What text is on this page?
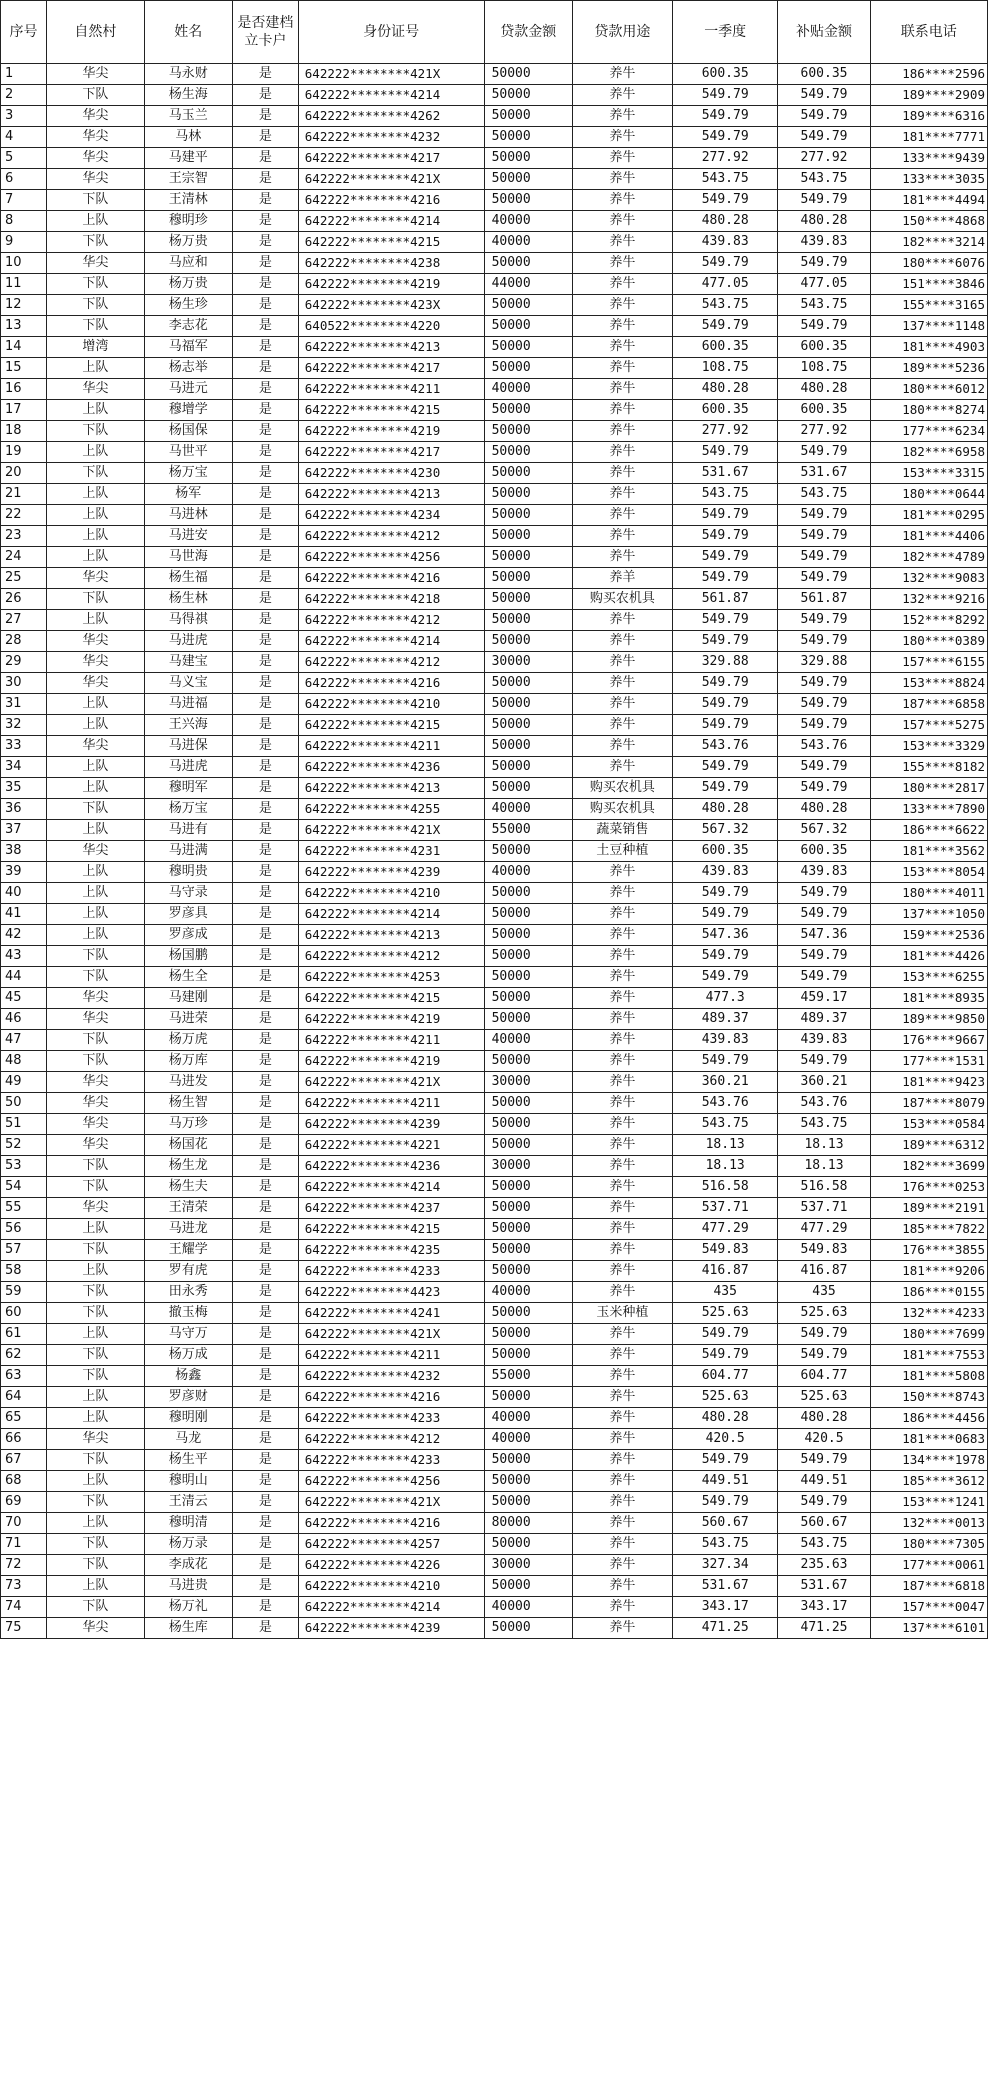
序号	自然村	姓名	是否建档立卡户	身份证号	贷款金额	贷款用途	一季度	补贴金额	联系电话
1	华尖	马永财	是	642222********421X	50000	养牛	600.35	600.35	186****2596
2	下队	杨生海	是	642222********4214	50000	养牛	549.79	549.79	189****2909
3	华尖	马玉兰	是	642222********4262	50000	养牛	549.79	549.79	189****6316
4	华尖	马林	是	642222********4232	50000	养牛	549.79	549.79	181****7771
5	华尖	马建平	是	642222********4217	50000	养牛	277.92	277.92	133****9439
6	华尖	王宗智	是	642222********421X	50000	养牛	543.75	543.75	133****3035
7	下队	王清林	是	642222********4216	50000	养牛	549.79	549.79	181****4494
8	上队	穆明珍	是	642222********4214	40000	养牛	480.28	480.28	150****4868
9	下队	杨万贵	是	642222********4215	40000	养牛	439.83	439.83	182****3214
10	华尖	马应和	是	642222********4238	50000	养牛	549.79	549.79	180****6076
11	下队	杨万贵	是	642222********4219	44000	养牛	477.05	477.05	151****3846
12	下队	杨生珍	是	642222********423X	50000	养牛	543.75	543.75	155****3165
13	下队	李志花	是	640522********4220	50000	养牛	549.79	549.79	137****1148
14	增湾	马福军	是	642222********4213	50000	养牛	600.35	600.35	181****4903
15	上队	杨志举	是	642222********4217	50000	养牛	108.75	108.75	189****5236
16	华尖	马进元	是	642222********4211	40000	养牛	480.28	480.28	180****6012
17	上队	穆增学	是	642222********4215	50000	养牛	600.35	600.35	180****8274
18	下队	杨国保	是	642222********4219	50000	养牛	277.92	277.92	177****6234
19	上队	马世平	是	642222********4217	50000	养牛	549.79	549.79	182****6958
20	下队	杨万宝	是	642222********4230	50000	养牛	531.67	531.67	153****3315
21	上队	杨军	是	642222********4213	50000	养牛	543.75	543.75	180****0644
22	上队	马进林	是	642222********4234	50000	养牛	549.79	549.79	181****0295
23	上队	马进安	是	642222********4212	50000	养牛	549.79	549.79	181****4406
24	上队	马世海	是	642222********4256	50000	养牛	549.79	549.79	182****4789
25	华尖	杨生福	是	642222********4216	50000	养羊	549.79	549.79	132****9083
26	下队	杨生林	是	642222********4218	50000	购买农机具	561.87	561.87	132****9216
27	上队	马得祺	是	642222********4212	50000	养牛	549.79	549.79	152****8292
28	华尖	马进虎	是	642222********4214	50000	养牛	549.79	549.79	180****0389
29	华尖	马建宝	是	642222********4212	30000	养牛	329.88	329.88	157****6155
30	华尖	马义宝	是	642222********4216	50000	养牛	549.79	549.79	153****8824
31	上队	马进福	是	642222********4210	50000	养牛	549.79	549.79	187****6858
32	上队	王兴海	是	642222********4215	50000	养牛	549.79	549.79	157****5275
33	华尖	马进保	是	642222********4211	50000	养牛	543.76	543.76	153****3329
34	上队	马进虎	是	642222********4236	50000	养牛	549.79	549.79	155****8182
35	上队	穆明军	是	642222********4213	50000	购买农机具	549.79	549.79	180****2817
36	下队	杨万宝	是	642222********4255	40000	购买农机具	480.28	480.28	133****7890
37	上队	马进有	是	642222********421X	55000	蔬菜销售	567.32	567.32	186****6622
38	华尖	马进满	是	642222********4231	50000	土豆种植	600.35	600.35	181****3562
39	上队	穆明贵	是	642222********4239	40000	养牛	439.83	439.83	153****8054
40	上队	马守录	是	642222********4210	50000	养牛	549.79	549.79	180****4011
41	上队	罗彦具	是	642222********4214	50000	养牛	549.79	549.79	137****1050
42	上队	罗彦成	是	642222********4213	50000	养牛	547.36	547.36	159****2536
43	下队	杨国鹏	是	642222********4212	50000	养牛	549.79	549.79	181****4426
44	下队	杨生全	是	642222********4253	50000	养牛	549.79	549.79	153****6255
45	华尖	马建刚	是	642222********4215	50000	养牛	477.3	459.17	181****8935
46	华尖	马进荣	是	642222********4219	50000	养牛	489.37	489.37	189****9850
47	下队	杨万虎	是	642222********4211	40000	养牛	439.83	439.83	176****9667
48	下队	杨万库	是	642222********4219	50000	养牛	549.79	549.79	177****1531
49	华尖	马进发	是	642222********421X	30000	养牛	360.21	360.21	181****9423
50	华尖	杨生智	是	642222********4211	50000	养牛	543.76	543.76	187****8079
51	华尖	马万珍	是	642222********4239	50000	养牛	543.75	543.75	153****0584
52	华尖	杨国花	是	642222********4221	50000	养牛	18.13	18.13	189****6312
53	下队	杨生龙	是	642222********4236	30000	养牛	18.13	18.13	182****3699
54	下队	杨生夫	是	642222********4214	50000	养牛	516.58	516.58	176****0253
55	华尖	王清荣	是	642222********4237	50000	养牛	537.71	537.71	189****2191
56	上队	马进龙	是	642222********4215	50000	养牛	477.29	477.29	185****7822
57	下队	王耀学	是	642222********4235	50000	养牛	549.83	549.83	176****3855
58	上队	罗有虎	是	642222********4233	50000	养牛	416.87	416.87	181****9206
59	下队	田永秀	是	642222********4423	40000	养牛	435	435	186****0155
60	下队	撤玉梅	是	642222********4241	50000	玉米种植	525.63	525.63	132****4233
61	上队	马守万	是	642222********421X	50000	养牛	549.79	549.79	180****7699
62	下队	杨万成	是	642222********4211	50000	养牛	549.79	549.79	181****7553
63	下队	杨鑫	是	642222********4232	55000	养牛	604.77	604.77	181****5808
64	上队	罗彦财	是	642222********4216	50000	养牛	525.63	525.63	150****8743
65	上队	穆明刚	是	642222********4233	40000	养牛	480.28	480.28	186****4456
66	华尖	马龙	是	642222********4212	40000	养牛	420.5	420.5	181****0683
67	下队	杨生平	是	642222********4233	50000	养牛	549.79	549.79	134****1978
68	上队	穆明山	是	642222********4256	50000	养牛	449.51	449.51	185****3612
69	下队	王清云	是	642222********421X	50000	养牛	549.79	549.79	153****1241
70	上队	穆明清	是	642222********4216	80000	养牛	560.67	560.67	132****0013
71	下队	杨万录	是	642222********4257	50000	养牛	543.75	543.75	180****7305
72	下队	李成花	是	642222********4226	30000	养牛	327.34	235.63	177****0061
73	上队	马进贵	是	642222********4210	50000	养牛	531.67	531.67	187****6818
74	下队	杨万礼	是	642222********4214	40000	养牛	343.17	343.17	157****0047
75	华尖	杨生库	是	642222********4239	50000	养牛	471.25	471.25	137****6101
